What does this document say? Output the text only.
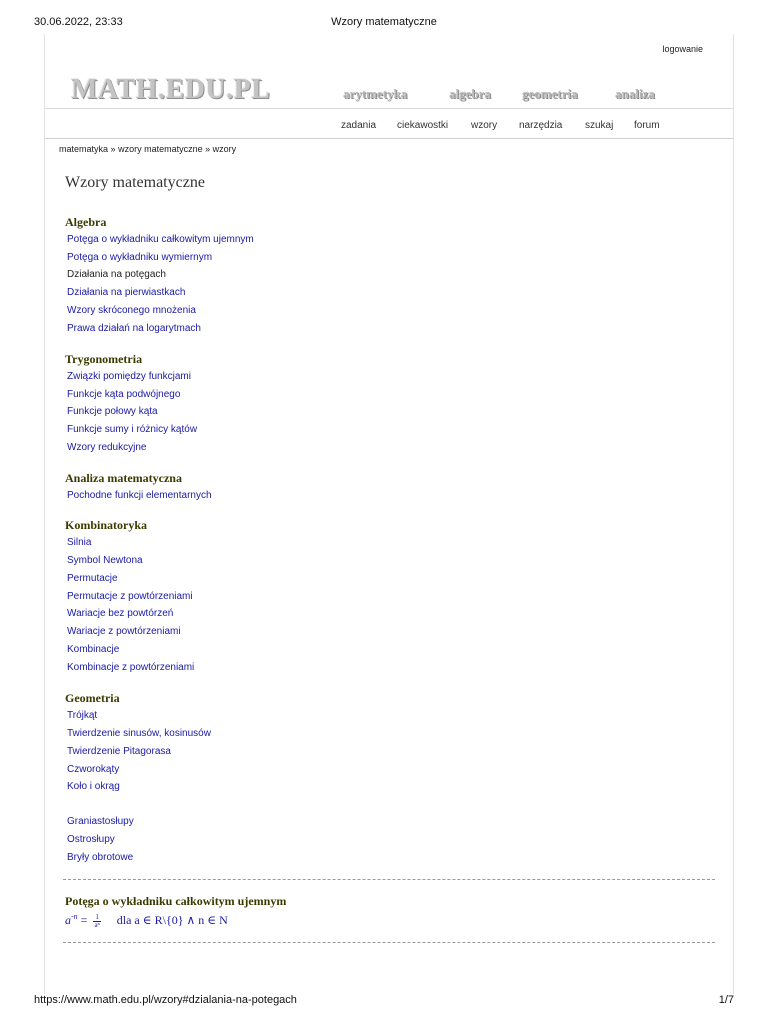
30.06.2022, 23:33	Wzory matematyczne
logowanie
MATH.EDU.PL	arytmetyka	algebra geometria	analiza
zadania ciekawostki wzory narzędzia szukaj forum
matematyka » wzory matematyczne » wzory
Wzory matematyczne
Algebra
Potęga o wykładniku całkowitym ujemnym
Potęga o wykładniku wymiernym
Działania na potęgach
Działania na pierwiastkach
Wzory skróconego mnożenia
Prawa działań na logarytmach
Trygonometria
Związki pomiędzy funkcjami
Funkcje kąta podwójnego
Funkcje połowy kąta
Funkcje sumy i różnicy kątów
Wzory redukcyjne
Analiza matematyczna
Pochodne funkcji elementarnych
Kombinatoryka
Silnia
Symbol Newtona
Permutacje
Permutacje z powtórzeniami
Wariacje bez powtórzeń
Wariacje z powtórzeniami
Kombinacje
Kombinacje z powtórzeniami
Geometria
Trójkąt
Twierdzenie sinusów, kosinusów
Twierdzenie Pitagorasa
Czworokąty
Koło i okrąg
Graniastosłupy
Ostrosłupy
Bryły obrotowe
Potęga o wykładniku całkowitym ujemnym
$a^{-n} = \frac{1}{\text{aⁿ}}$ dla a ∈ R\{0} ∧ n ∈ N
https://www.math.edu.pl/wzory#dzialania-na-potegach	1/7
